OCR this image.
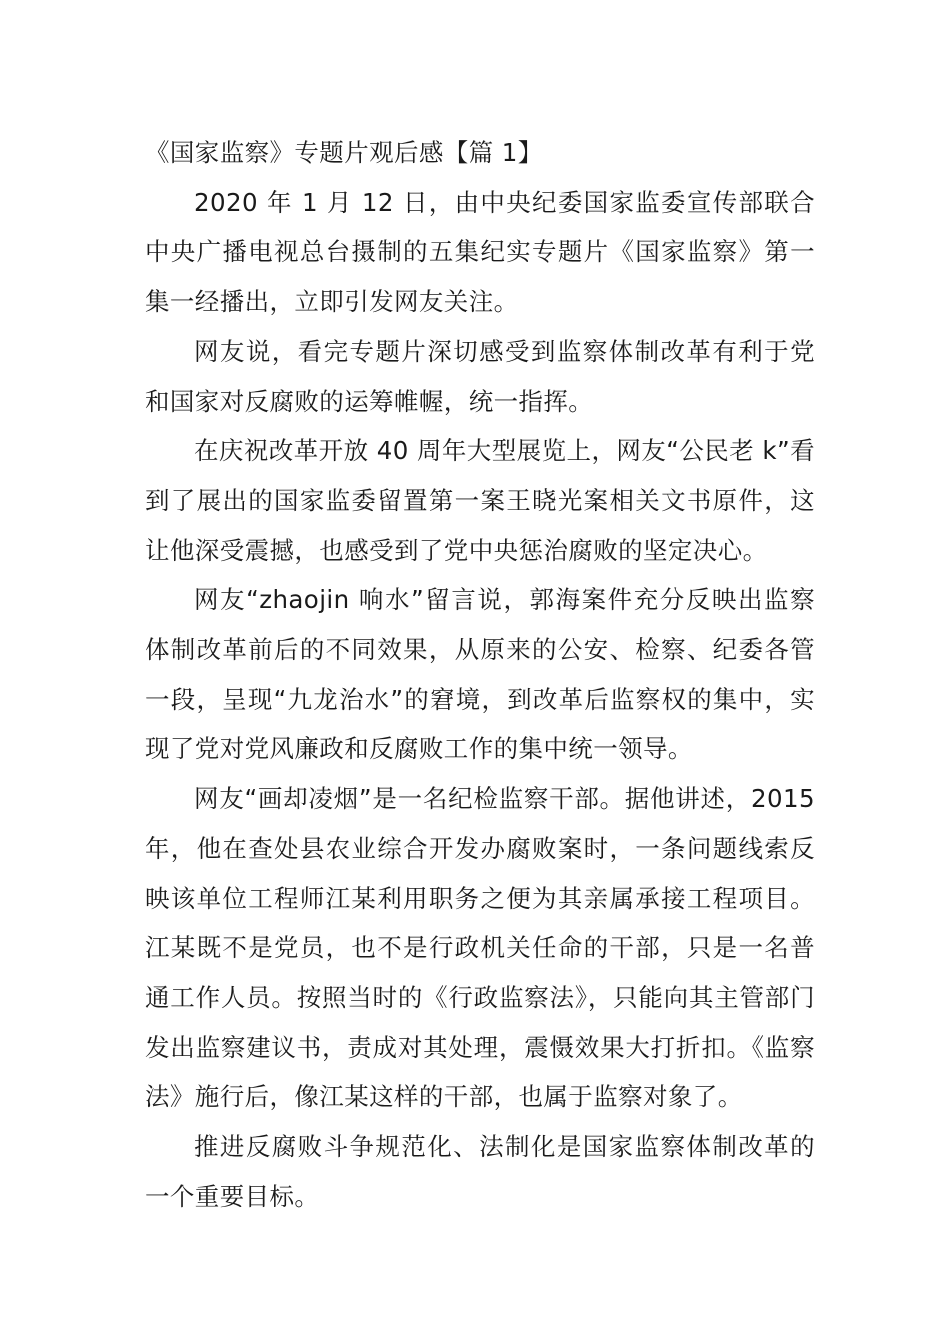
《国家监察》专题片观后感【篇 1】

2020 年 1 月 12 日，由中央纪委国家监委宣传部联合中央广播电视总台摄制的五集纪实专题片《国家监察》第一集一经播出，立即引发网友关注。

网友说，看完专题片深切感受到监察体制改革有利于党和国家对反腐败的运筹帷幄，统一指挥。

在庆祝改革开放 40 周年大型展览上，网友“公民老 k”看到了展出的国家监委留置第一案王晓光案相关文书原件，这让他深受震撼，也感受到了党中央惩治腐败的坚定决心。

网友“zhaojin 响水”留言说，郭海案件充分反映出监察体制改革前后的不同效果，从原来的公安、检察、纪委各管一段，呈现“九龙治水”的窘境，到改革后监察权的集中，实现了党对党风廉政和反腐败工作的集中统一领导。

网友“画却凌烟”是一名纪检监察干部。据他讲述，2015 年，他在查处县农业综合开发办腐败案时，一条问题线索反映该单位工程师江某利用职务之便为其亲属承接工程项目。江某既不是党员，也不是行政机关任命的干部，只是一名普通工作人员。按照当时的《行政监察法》，只能向其主管部门发出监察建议书，责成对其处理，震慑效果大打折扣。《监察法》施行后，像江某这样的干部，也属于监察对象了。

推进反腐败斗争规范化、法制化是国家监察体制改革的一个重要目标。
